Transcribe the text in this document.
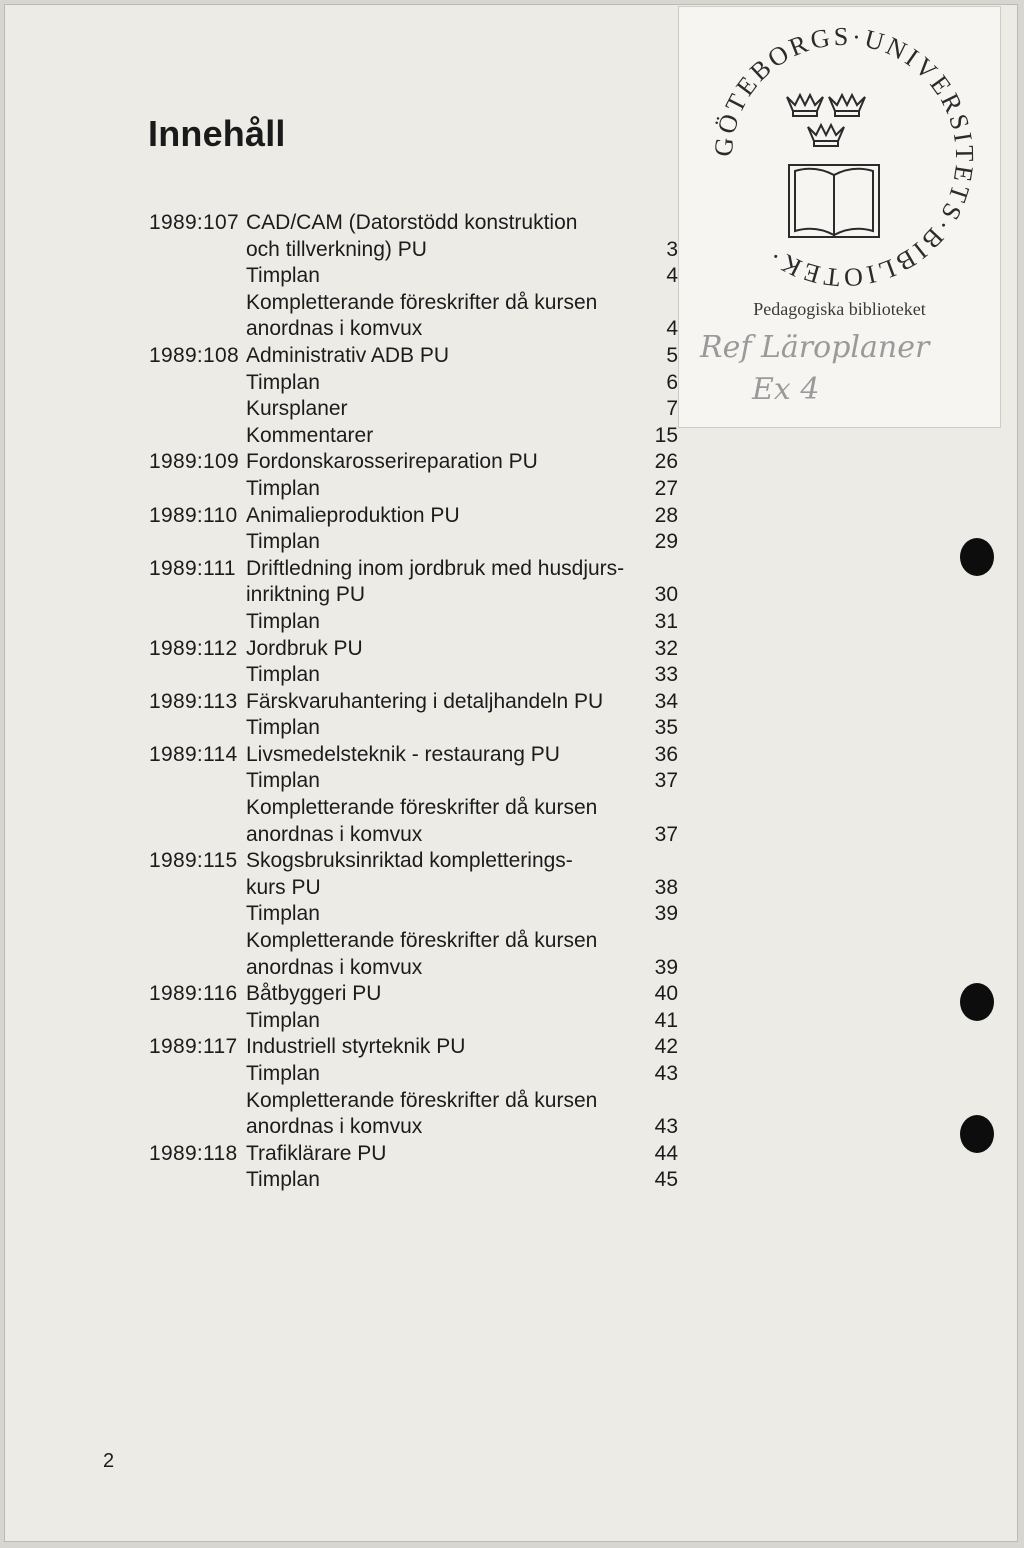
Innehåll
1989:107 CAD/CAM (Datorstödd konstruktion
och tillverkning) PU	3
Timplan	4
Kompletterande föreskrifter då kursen
anordnas i komvux	4
1989:108 Administrativ ADB PU	5
Timplan	6
Kursplaner	7
Kommentarer	15
1989:109 Fordonskarosserireparation PU	26
Timplan	27
1989:110 Animalieproduktion PU	28
Timplan	29
1989:111 Driftledning inom jordbruk med husdjurs-
inriktning PU	30
Timplan	31
1989:112 Jordbruk PU	32
Timplan	33
1989:113 Färskvaruhantering i detaljhandeln PU 34
Timplan	35
1989:114 Livsmedelsteknik - restaurang PU	36
Timplan	37
Kompletterande föreskrifter då kursen
anordnas i komvux	37
1989:115 Skogsbruksinriktad kompletterings-
kurs PU	38
Timplan	39
Kompletterande föreskrifter då kursen
anordnas i komvux	39
1989:116 Båtbyggeri PU	40
Timplan	41
1989:117 Industriell styrteknik PU	42
Timplan	43
Kompletterande föreskrifter då kursen
anordnas i komvux	43
1989:118 Trafiklärare PU	44
Timplan	45
2
GÖTEBORGS·UNIVERSITETS·BIBLIOTEK·
Pedagogiska biblioteket
Ref Läroplaner
Ex 4
